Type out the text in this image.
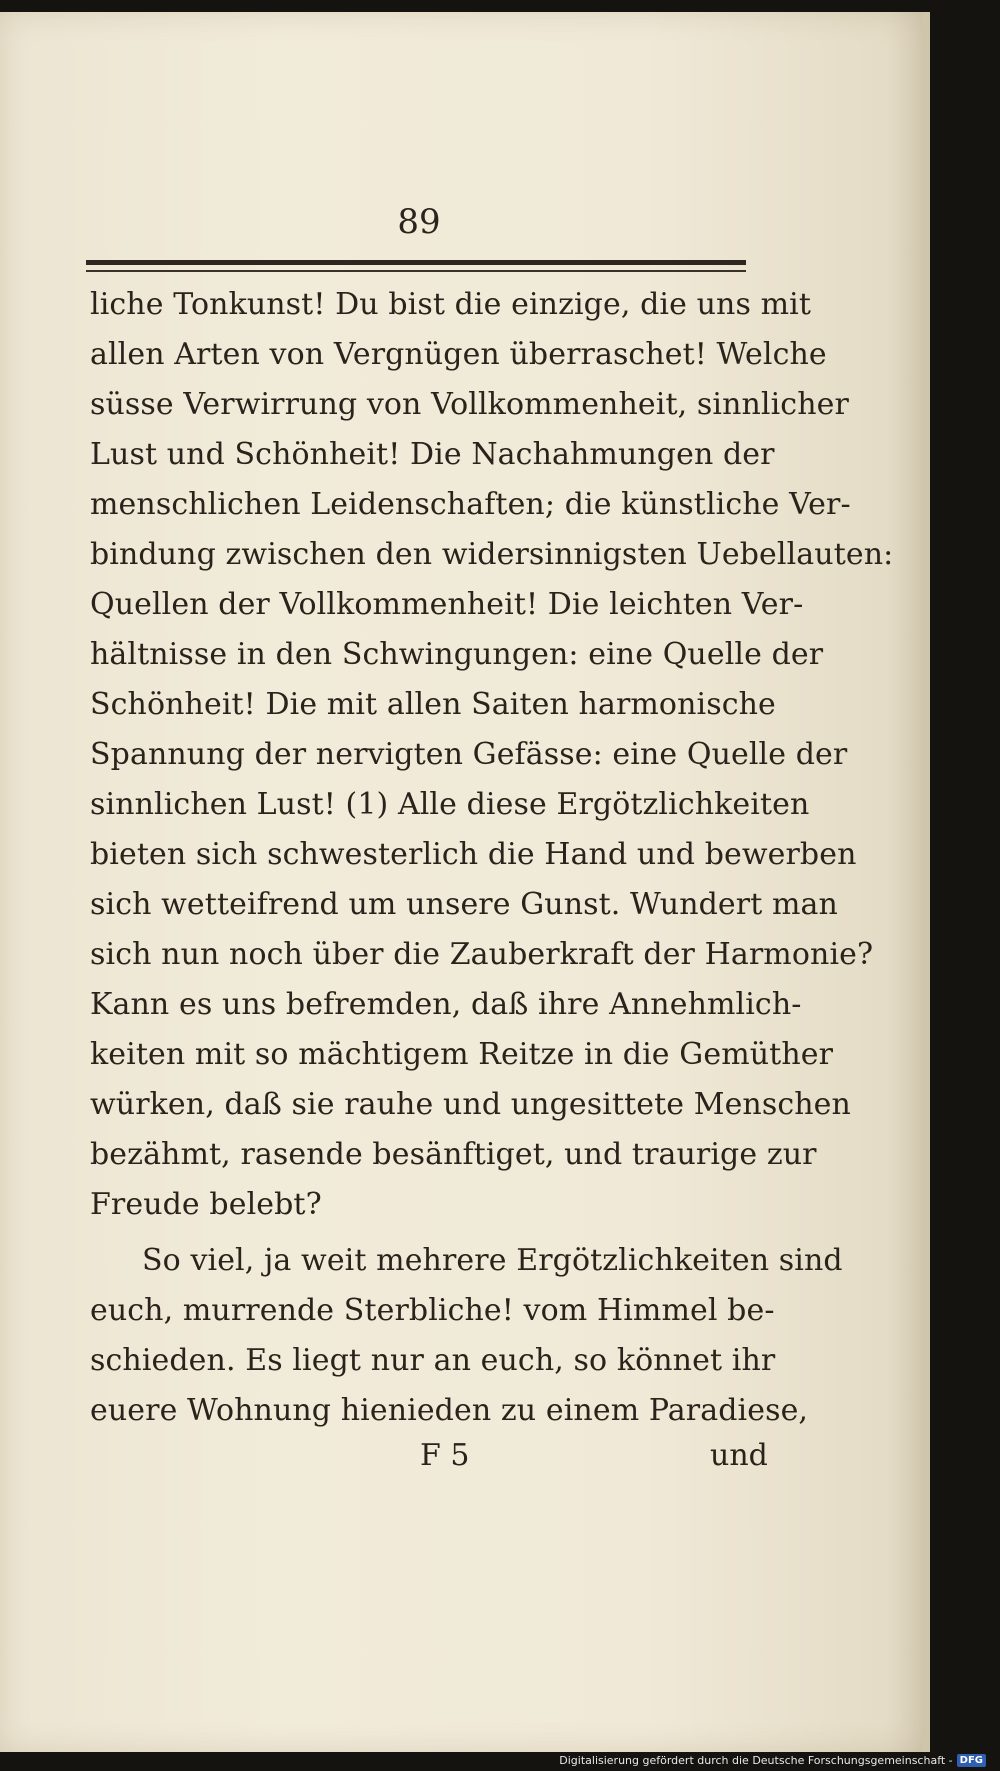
89
liche Tonkunst! Du bist die einzige, die uns mit
allen Arten von Vergnügen überraschet! Welche
süsse Verwirrung von Vollkommenheit, sinnlicher
Lust und Schönheit! Die Nachahmungen der
menschlichen Leidenschaften; die künstliche Ver-
bindung zwischen den widersinnigsten Uebellauten:
Quellen der Vollkommenheit! Die leichten Ver-
hältnisse in den Schwingungen: eine Quelle der
Schönheit! Die mit allen Saiten harmonische
Spannung der nervigten Gefässe: eine Quelle der
sinnlichen Lust! (1) Alle diese Ergötzlichkeiten
bieten sich schwesterlich die Hand und bewerben
sich wetteifrend um unsere Gunst. Wundert man
sich nun noch über die Zauberkraft der Harmonie?
Kann es uns befremden, daß ihre Annehmlich-
keiten mit so mächtigem Reitze in die Gemüther
würken, daß sie rauhe und ungesittete Menschen
bezähmt, rasende besänftiget, und traurige zur
Freude belebt?
So viel, ja weit mehrere Ergötzlichkeiten sind
euch, murrende Sterbliche! vom Himmel be-
schieden. Es liegt nur an euch, so könnet ihr
euere Wohnung hienieden zu einem Paradiese,
F 5	und
Digitalisierung gefördert durch die Deutsche Forschungsgemeinschaft - DFG
